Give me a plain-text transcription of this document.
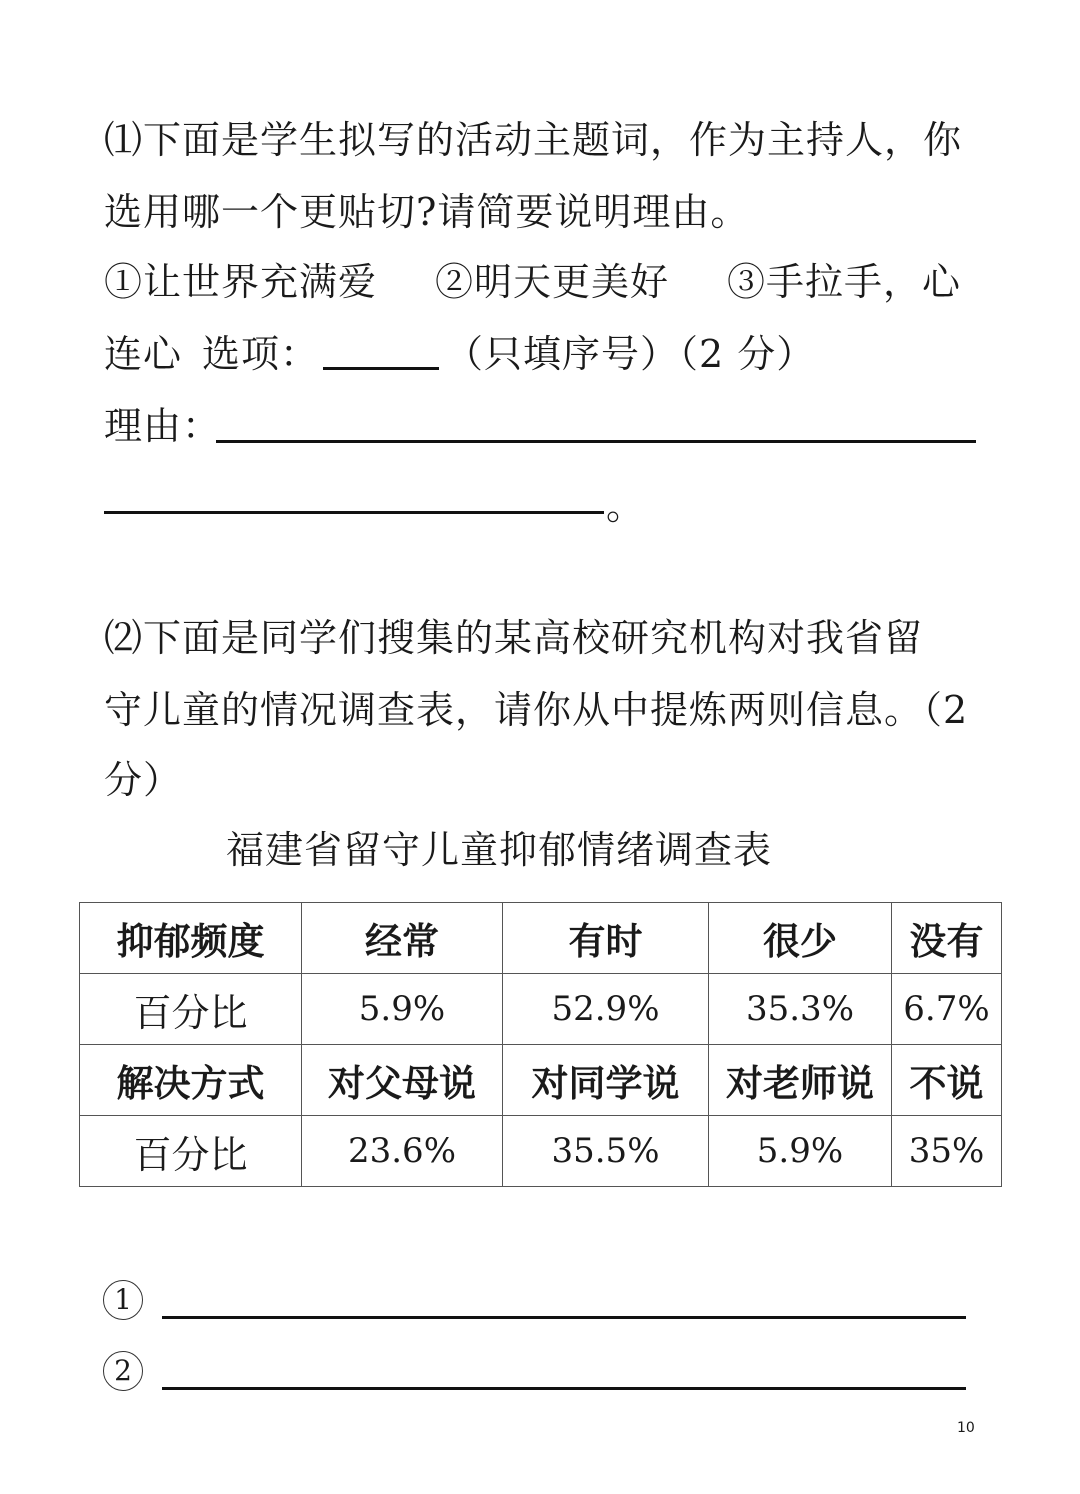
⑴下面是学生拟写的活动主题词，作为主持人，你
选用哪一个更贴切?请简要说明理由。
①让世界充满爱 ②明天更美好 ③手拉手，心
连心 选项：	（只填序号）（2 分）
理由：
。
⑵下面是同学们搜集的某高校研究机构对我省留
守儿童的情况调查表，请你从中提炼两则信息。（2
分）
福建省留守儿童抑郁情绪调查表
抑郁频度	经常	有时	很少	没有
百分比	5.9%	52.9%	35.3%	6.7%
解决方式	对父母说	对同学说	对老师说	不说
百分比	23.6%	35.5%	5.9%	35%
1
2
10
